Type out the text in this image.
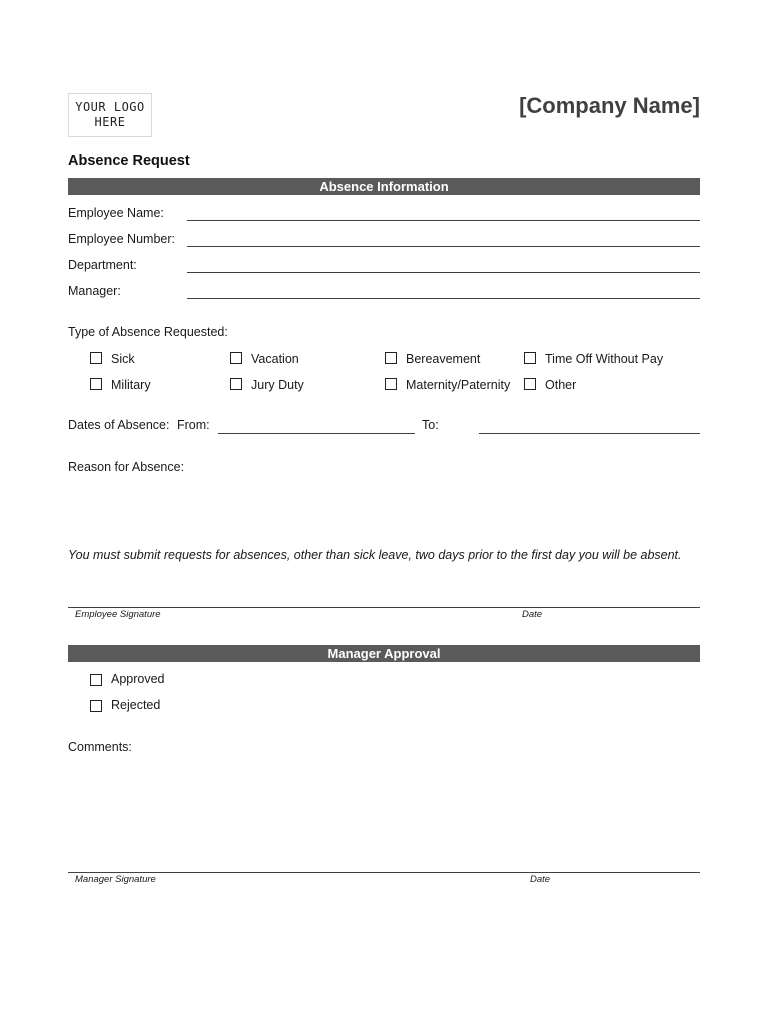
YOUR LOGO
HERE
[Company Name]
Absence Request
Absence Information
Employee Name:
Employee Number:
Department:
Manager:
Type of Absence Requested:
Sick	Vacation	Bereavement	Time Off Without Pay
Military	Jury Duty	Maternity/Paternity	Other
Dates of Absence: From:	To:
Reason for Absence:
You must submit requests for absences, other than sick leave, two days prior to the first day you will be absent.
Employee Signature	Date
Manager Approval
Approved
Rejected
Comments:
Manager Signature	Date
